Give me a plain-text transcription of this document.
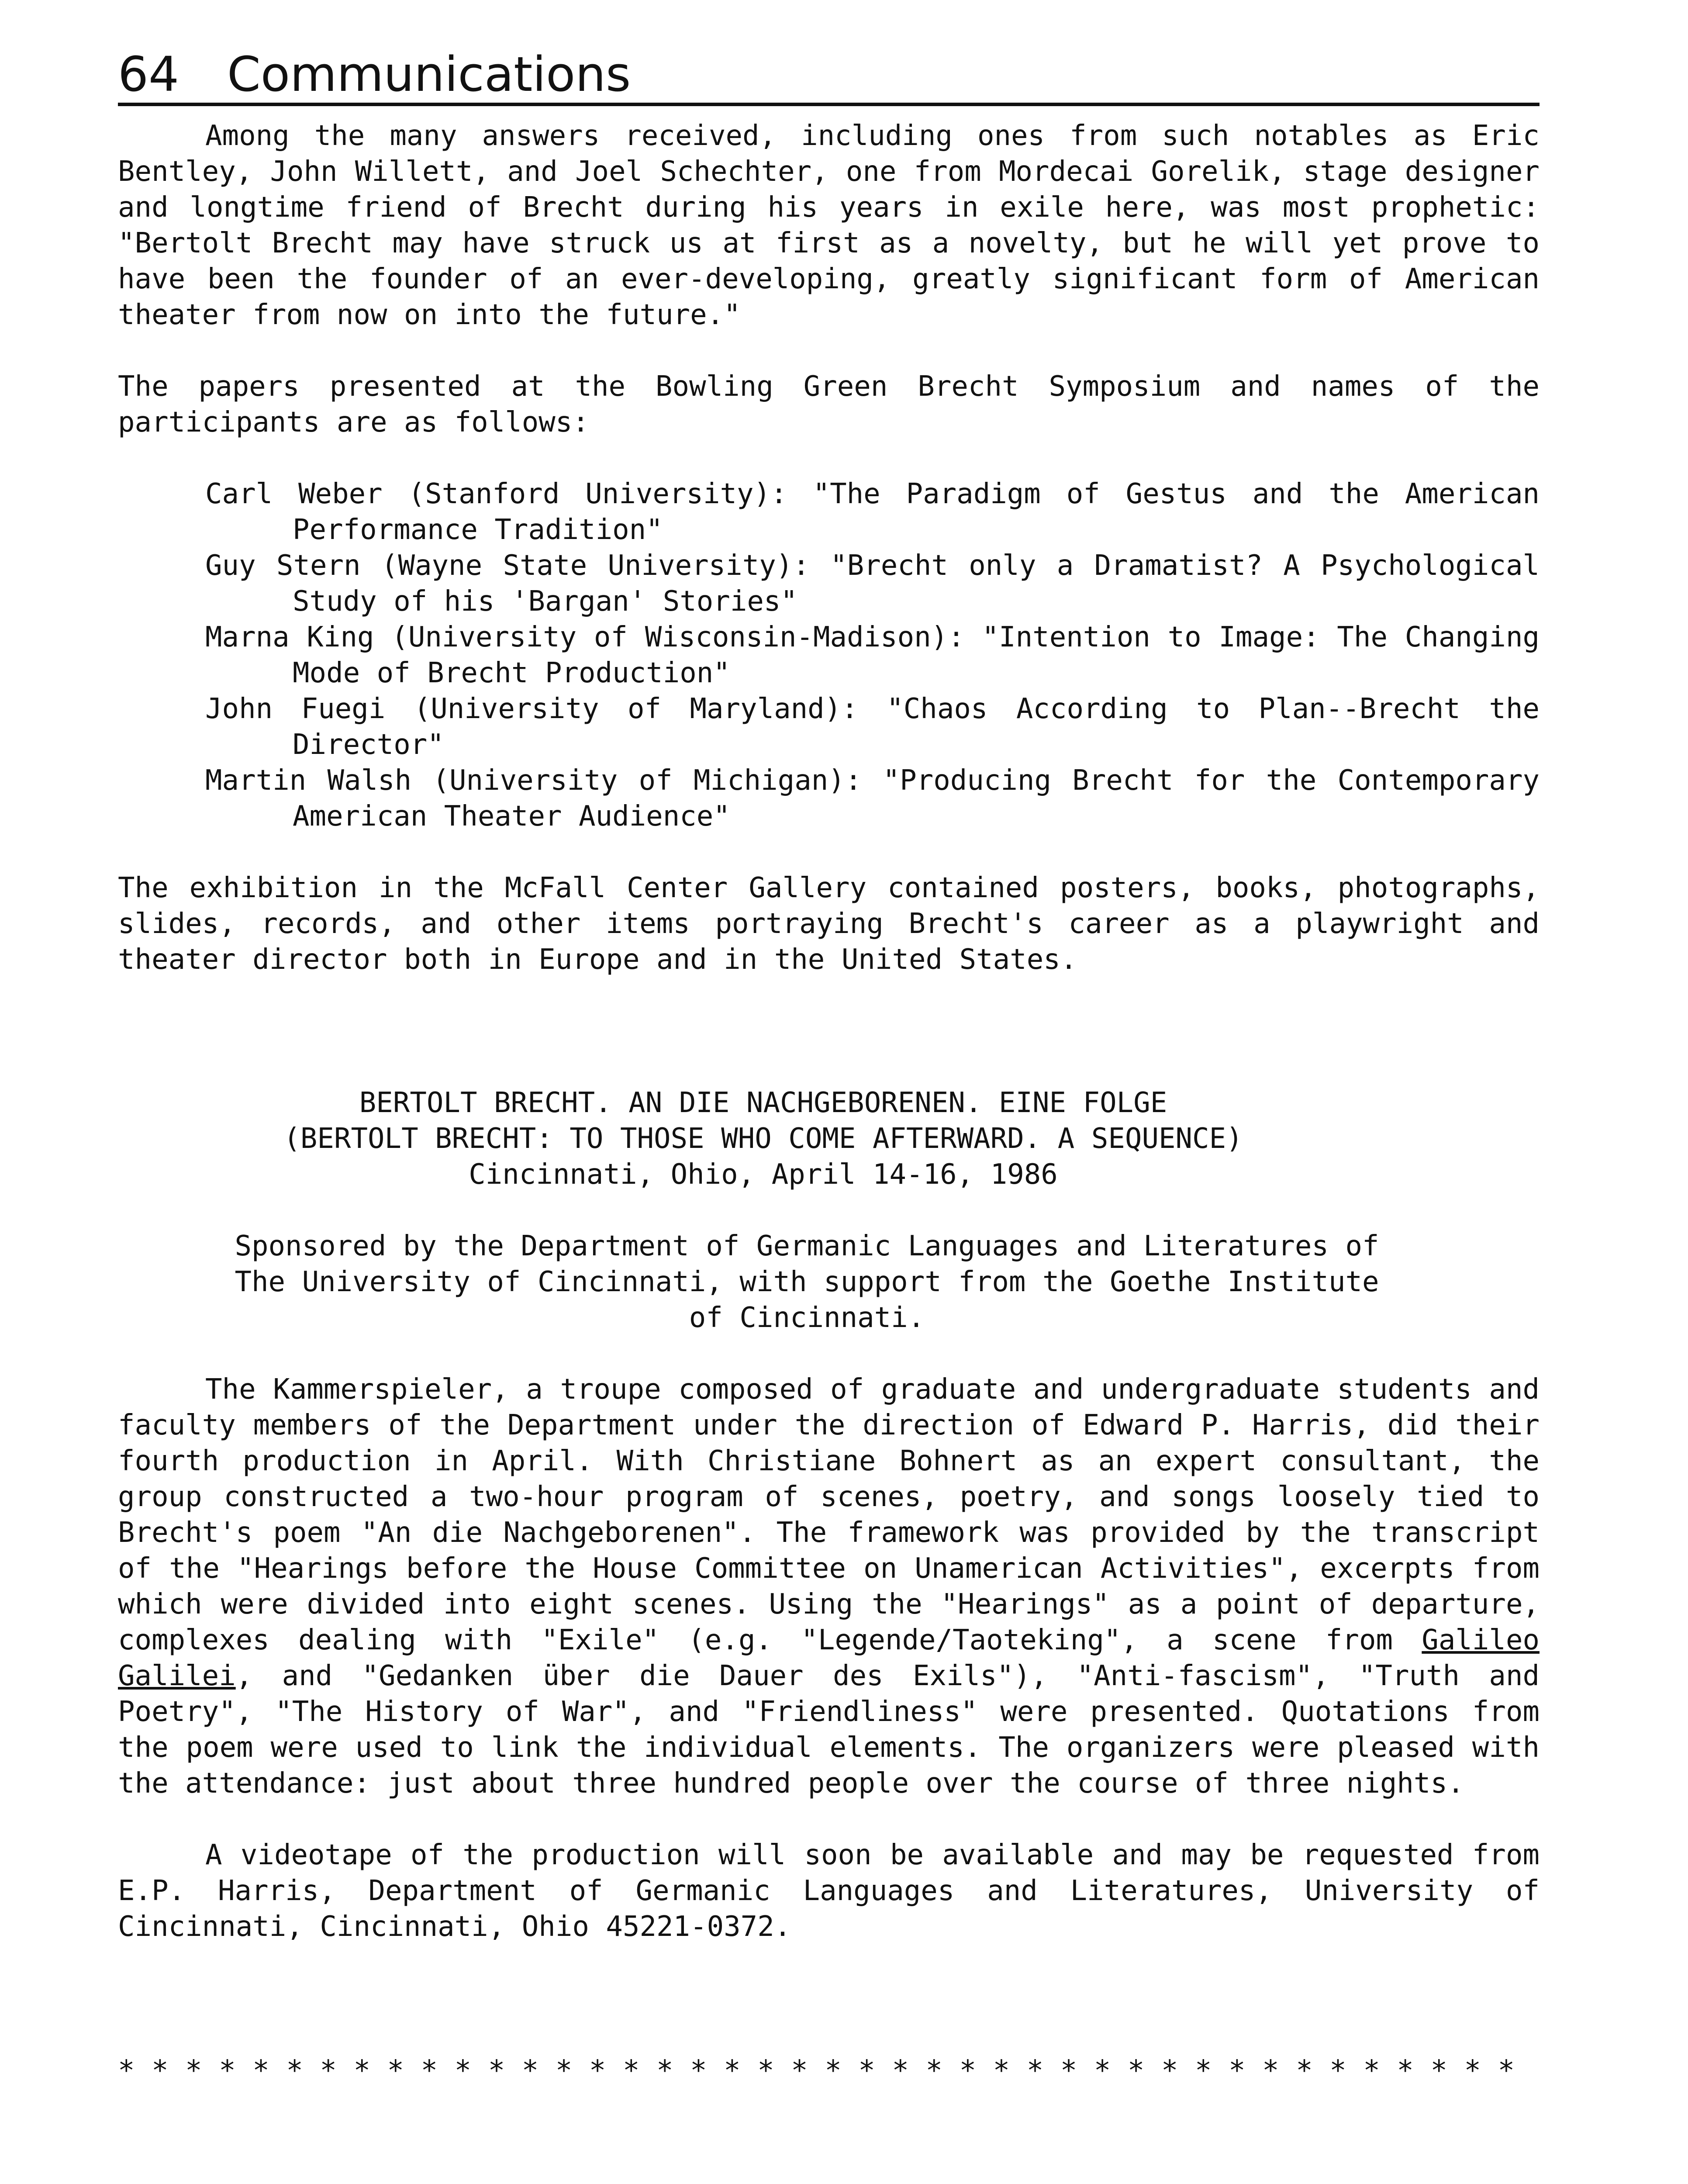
64 Communications

Among the many answers received, including ones from such notables as Eric Bentley, John Willett, and Joel Schechter, one from Mordecai Gorelik, stage designer and longtime friend of Brecht during his years in exile here, was most prophetic: "Bertolt Brecht may have struck us at first as a novelty, but he will yet prove to have been the founder of an ever-developing, greatly significant form of American theater from now on into the future."

The papers presented at the Bowling Green Brecht Symposium and names of the participants are as follows:

Carl Weber (Stanford University): "The Paradigm of Gestus and the American Performance Tradition"
Guy Stern (Wayne State University): "Brecht only a Dramatist? A Psychological Study of his 'Bargan' Stories"
Marna King (University of Wisconsin-Madison): "Intention to Image: The Changing Mode of Brecht Production"
John Fuegi (University of Maryland): "Chaos According to Plan--Brecht the Director"
Martin Walsh (University of Michigan): "Producing Brecht for the Contemporary American Theater Audience"

The exhibition in the McFall Center Gallery contained posters, books, photographs, slides, records, and other items portraying Brecht's career as a playwright and theater director both in Europe and in the United States.

BERTOLT BRECHT. AN DIE NACHGEBORENEN. EINE FOLGE
(BERTOLT BRECHT: TO THOSE WHO COME AFTERWARD. A SEQUENCE)
Cincinnati, Ohio, April 14-16, 1986
Sponsored by the Department of Germanic Languages and Literatures of
The University of Cincinnati, with support from the Goethe Institute
of Cincinnati.

The Kammerspieler, a troupe composed of graduate and undergraduate students and faculty members of the Department under the direction of Edward P. Harris, did their fourth production in April. With Christiane Bohnert as an expert consultant, the group constructed a two-hour program of scenes, poetry, and songs loosely tied to Brecht's poem "An die Nachgeborenen". The framework was provided by the transcript of the "Hearings before the House Committee on Unamerican Activities", excerpts from which were divided into eight scenes. Using the "Hearings" as a point of departure, complexes dealing with "Exile" (e.g. "Legende/Taoteking", a scene from Galileo Galilei, and "Gedanken über die Dauer des Exils"), "Anti-fascism", "Truth and Poetry", "The History of War", and "Friendliness" were presented. Quotations from the poem were used to link the individual elements. The organizers were pleased with the attendance: just about three hundred people over the course of three nights.

A videotape of the production will soon be available and may be requested from E.P. Harris, Department of Germanic Languages and Literatures, University of Cincinnati, Cincinnati, Ohio 45221-0372.

* * * * * * * * * * * * * * * * * * * * * * * * * * * * * * * * * * * * * * * * * *
